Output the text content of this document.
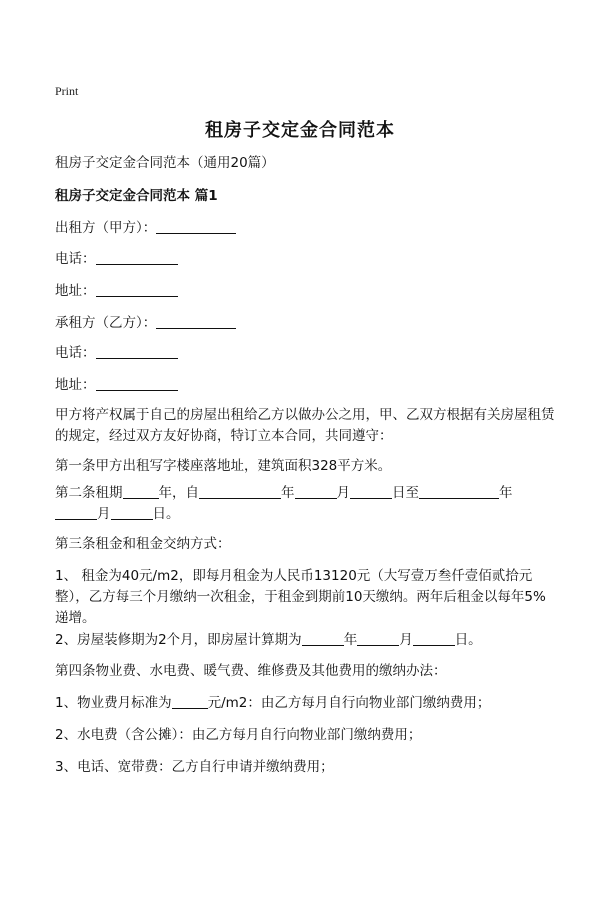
Print
租房子交定金合同范本
租房子交定金合同范本（通用20篇）
租房子交定金合同范本 篇1
出租方（甲方）：
电话：
地址：
承租方（乙方）：
电话：
地址：
甲方将产权属于自己的房屋出租给乙方以做办公之用，甲、乙双方根据有关房屋租赁的规定，经过双方友好协商，特订立本合同，共同遵守：
第一条甲方出租写字楼座落地址，建筑面积328平方米。
第二条租期	年，自	年	月	日至	年
月	日。
第三条租金和租金交纳方式：
1、 租金为40元/m2，即每月租金为人民币13120元（大写壹万叁仟壹佰贰拾元整），乙方每三个月缴纳一次租金，于租金到期前10天缴纳。两年后租金以每年5%递增。
2、房屋装修期为2个月，即房屋计算期为	年	月	日。
第四条物业费、水电费、暖气费、维修费及其他费用的缴纳办法：
1、物业费月标准为	元/m2：由乙方每月自行向物业部门缴纳费用；
2、水电费（含公摊）：由乙方每月自行向物业部门缴纳费用；
3、电话、宽带费：乙方自行申请并缴纳费用；
